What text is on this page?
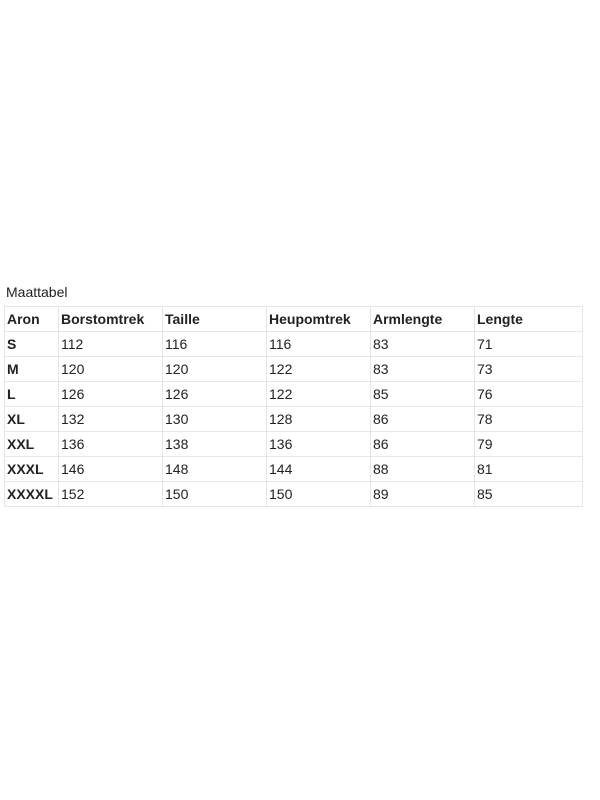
Maattabel
Aron	Borstomtrek	Taille	Heupomtrek	Armlengte	Lengte
S	112	116	116	83	71
M	120	120	122	83	73
L	126	126	122	85	76
XL	132	130	128	86	78
XXL	136	138	136	86	79
XXXL	146	148	144	88	81
XXXXL	152	150	150	89	85
